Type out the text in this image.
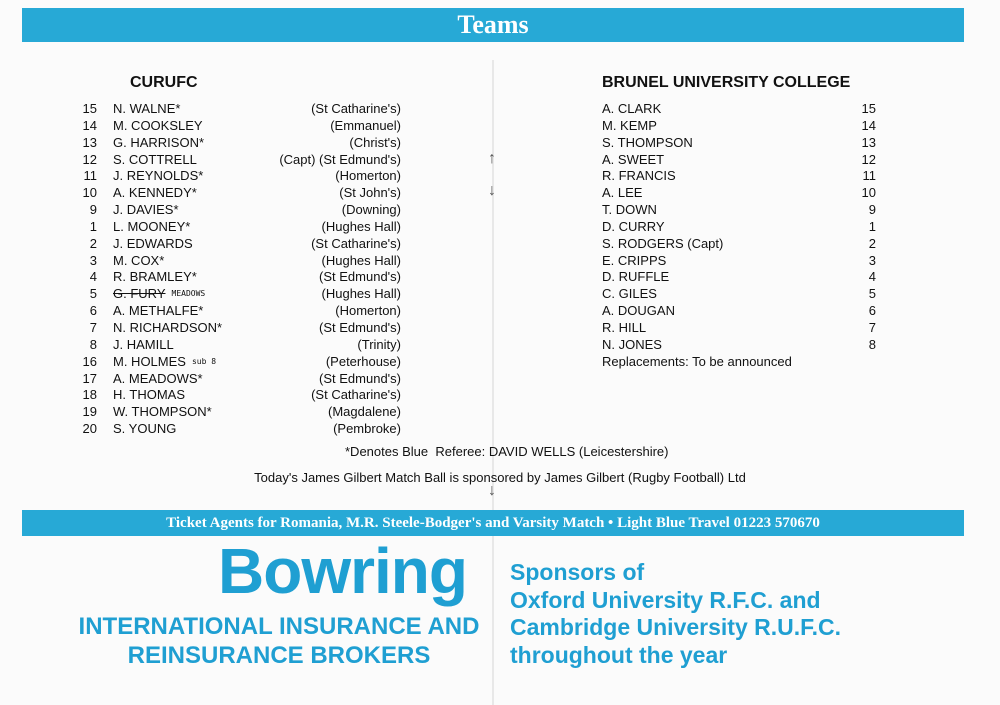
Teams
CURUFC
15 N. WALNE*	(St Catharine's)
14 M. COOKSLEY	(Emmanuel)
13 G. HARRISON*	(Christ's)
12 S. COTTRELL	(Capt) (St Edmund's)
11 J. REYNOLDS*	(Homerton)
10 A. KENNEDY*	(St John's)
9 J. DAVIES*	(Downing)
1 L. MOONEY*	(Hughes Hall)
2 J. EDWARDS	(St Catharine's)
3 M. COX*	(Hughes Hall)
4 R. BRAMLEY*	(St Edmund's)
5 G. FURY MEADOWS	(Hughes Hall)
6 A. METHALFE*	(Homerton)
7 N. RICHARDSON*	(St Edmund's)
8 J. HAMILL	(Trinity)
16 M. HOLMES sub 8	(Peterhouse)
17 A. MEADOWS*	(St Edmund's)
18 H. THOMAS	(St Catharine's)
19 W. THOMPSON*	(Magdalene)
20 S. YOUNG	(Pembroke)
BRUNEL UNIVERSITY COLLEGE
A. CLARK	15
M. KEMP	14
S. THOMPSON	13
A. SWEET	12
R. FRANCIS	11
A. LEE	10
T. DOWN	9
D. CURRY	1
S. RODGERS (Capt)	2
E. CRIPPS	3
D. RUFFLE	4
C. GILES	5
A. DOUGAN	6
R. HILL	7
N. JONES	8
Replacements: To be announced
↑
↓
↓
*Denotes Blue Referee: DAVID WELLS (Leicestershire)
Today's James Gilbert Match Ball is sponsored by James Gilbert (Rugby Football) Ltd
Ticket Agents for Romania, M.R. Steele-Bodger's and Varsity Match • Light Blue Travel 01223 570670
Bowring
INTERNATIONAL INSURANCE AND
REINSURANCE BROKERS
Sponsors of
Oxford University R.F.C. and
Cambridge University R.U.F.C.
throughout the year
